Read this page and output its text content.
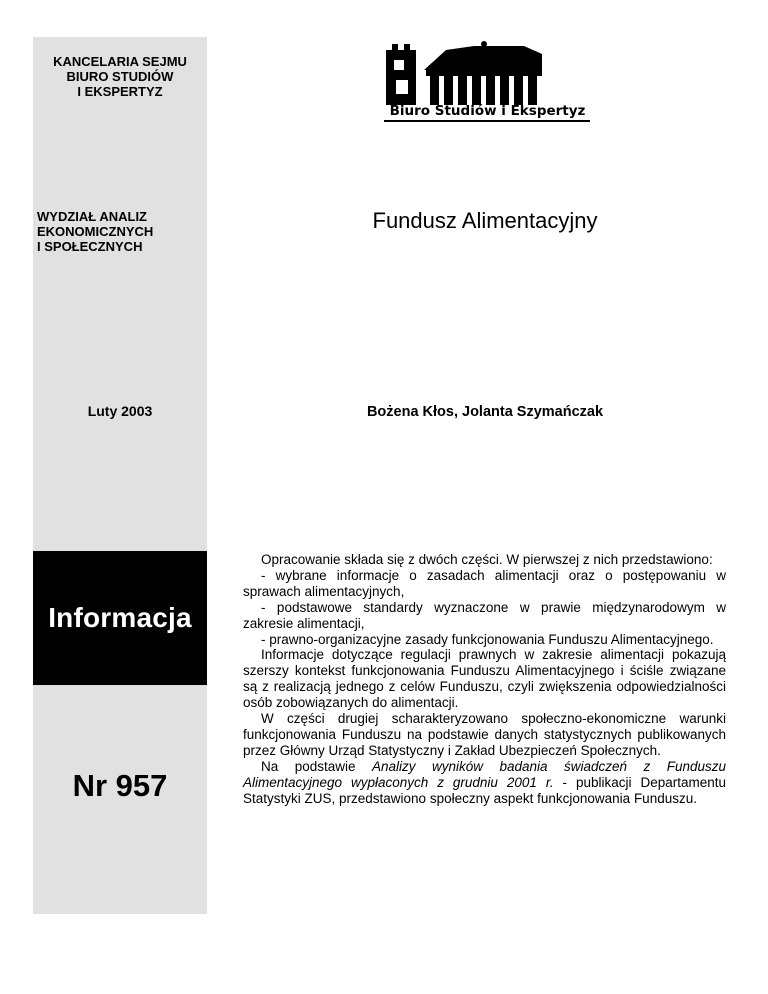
KANCELARIA SEJMU
BIURO STUDIÓW
I EKSPERTYZ
WYDZIAŁ ANALIZ
EKONOMICZNYCH
I SPOŁECZNYCH
Luty 2003
Informacja
Nr 957
Biuro Studiów i Ekspertyz
Fundusz Alimentacyjny
Bożena Kłos, Jolanta Szymańczak

Opracowanie składa się z dwóch części. W pierwszej z nich przedstawiono:

- wybrane informacje o zasadach alimentacji oraz o postępowaniu w sprawach alimentacyjnych,

- podstawowe standardy wyznaczone w prawie międzynarodowym w zakresie alimentacji,

- prawno-organizacyjne zasady funkcjonowania Funduszu Alimentacyjnego.

Informacje dotyczące regulacji prawnych w zakresie alimentacji pokazują szerszy kontekst funkcjonowania Funduszu Alimentacyjnego i ściśle związane są z realizacją jednego z celów Funduszu, czyli zwiększenia odpowiedzialności osób zobowiązanych do alimentacji.

W części drugiej scharakteryzowano społeczno-ekonomiczne warunki funkcjonowania Funduszu na podstawie danych statystycznych publikowanych przez Główny Urząd Statystyczny i Zakład Ubezpieczeń Społecznych.

Na podstawie Analizy wyników badania świadczeń z Funduszu Alimentacyjnego wypłaconych z grudniu 2001 r. - publikacji Departamentu Statystyki ZUS, przedstawiono społeczny aspekt funkcjonowania Funduszu.
